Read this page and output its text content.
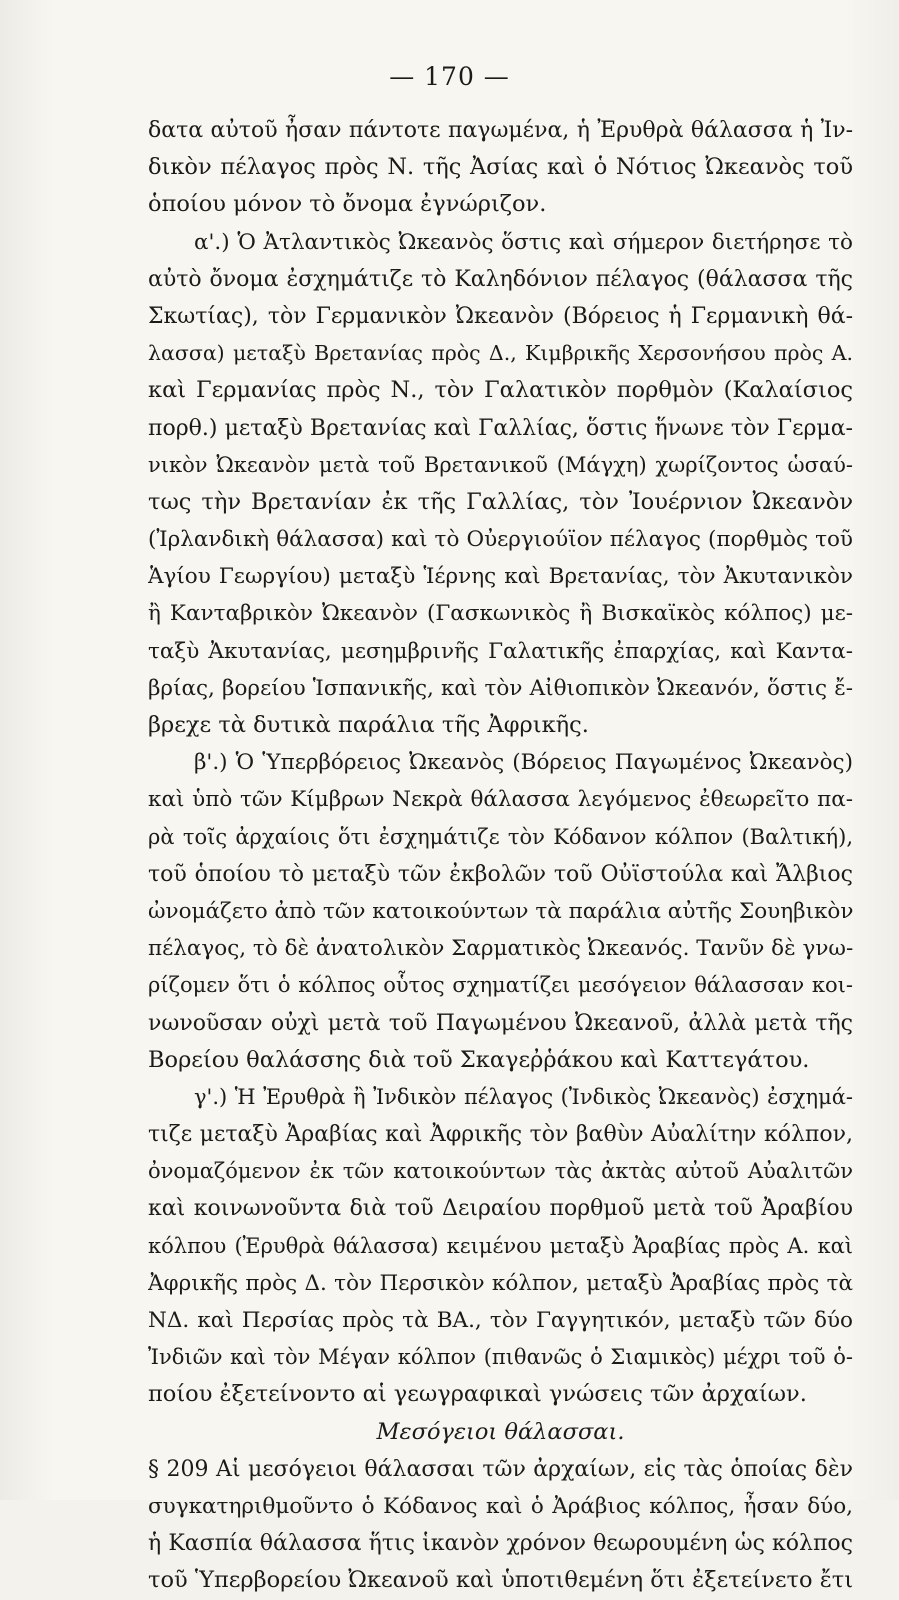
— 170 —
δατα αὐτοῦ ἦσαν πάντοτε παγωμένα, ἡ Ἐρυθρὰ θάλασσα ἡ Ἰν-
δικὸν πέλαγος πρὸς Ν. τῆς Ἀσίας καὶ ὁ Νότιος Ὠκεανὸς τοῦ
ὁποίου μόνον τὸ ὄνομα ἐγνώριζον.
α'.) Ὁ Ἀτλαντικὸς Ὠκεανὸς ὅστις καὶ σήμερον διετήρησε τὸ
αὐτὸ ὄνομα ἐσχημάτιζε τὸ Καληδόνιον πέλαγος (θάλασσα τῆς
Σκωτίας), τὸν Γερμανικὸν Ὠκεανὸν (Βόρειος ἡ Γερμανικὴ θά-
λασσα) μεταξὺ Βρετανίας πρὸς Δ., Κιμβρικῆς Χερσονήσου πρὸς Α.
καὶ Γερμανίας πρὸς Ν., τὸν Γαλατικὸν πορθμὸν (Καλαίσιος
πορθ.) μεταξὺ Βρετανίας καὶ Γαλλίας, ὅστις ἥνωνε τὸν Γερμα-
νικὸν Ὠκεανὸν μετὰ τοῦ Βρετανικοῦ (Μάγχη) χωρίζοντος ὡσαύ-
τως τὴν Βρετανίαν ἐκ τῆς Γαλλίας, τὸν Ἰουέρνιον Ὠκεανὸν
(Ἰρλανδικὴ θάλασσα) καὶ τὸ Οὐεργιούϊον πέλαγος (πορθμὸς τοῦ
Ἁγίου Γεωργίου) μεταξὺ Ἱέρνης καὶ Βρετανίας, τὸν Ἀκυτανικὸν
ἢ Κανταβρικὸν Ὠκεανὸν (Γασκωνικὸς ἢ Βισκαϊκὸς κόλπος) με-
ταξὺ Ἀκυτανίας, μεσημβρινῆς Γαλατικῆς ἐπαρχίας, καὶ Καντα-
βρίας, βορείου Ἱσπανικῆς, καὶ τὸν Αἰθιοπικὸν Ὠκεανόν, ὅστις ἔ-
βρεχε τὰ δυτικὰ παράλια τῆς Ἀφρικῆς.
β'.) Ὁ Ὑπερβόρειος Ὠκεανὸς (Βόρειος Παγωμένος Ὠκεανὸς)
καὶ ὑπὸ τῶν Κίμβρων Νεκρὰ θάλασσα λεγόμενος ἐθεωρεῖτο πα-
ρὰ τοῖς ἀρχαίοις ὅτι ἐσχημάτιζε τὸν Κόδανον κόλπον (Βαλτική),
τοῦ ὁποίου τὸ μεταξὺ τῶν ἐκβολῶν τοῦ Οὐϊστούλα καὶ Ἄλβιος
ὠνομάζετο ἀπὸ τῶν κατοικούντων τὰ παράλια αὐτῆς Σουηβικὸν
πέλαγος, τὸ δὲ ἀνατολικὸν Σαρματικὸς Ὠκεανός. Τανῦν δὲ γνω-
ρίζομεν ὅτι ὁ κόλπος οὗτος σχηματίζει μεσόγειον θάλασσαν κοι-
νωνοῦσαν οὐχὶ μετὰ τοῦ Παγωμένου Ὠκεανοῦ, ἀλλὰ μετὰ τῆς
Βορείου θαλάσσης διὰ τοῦ Σκαγεῤῥάκου καὶ Καττεγάτου.
γ'.) Ἡ Ἐρυθρὰ ἢ Ἰνδικὸν πέλαγος (Ἰνδικὸς Ὠκεανὸς) ἐσχημά-
τιζε μεταξὺ Ἀραβίας καὶ Ἀφρικῆς τὸν βαθὺν Αὐαλίτην κόλπον,
ὀνομαζόμενον ἐκ τῶν κατοικούντων τὰς ἀκτὰς αὐτοῦ Αὐαλιτῶν
καὶ κοινωνοῦντα διὰ τοῦ Δειραίου πορθμοῦ μετὰ τοῦ Ἀραβίου
κόλπου (Ἐρυθρὰ θάλασσα) κειμένου μεταξὺ Ἀραβίας πρὸς Α. καὶ
Ἀφρικῆς πρὸς Δ. τὸν Περσικὸν κόλπον, μεταξὺ Ἀραβίας πρὸς τὰ
ΝΔ. καὶ Περσίας πρὸς τὰ ΒΑ., τὸν Γαγγητικόν, μεταξὺ τῶν δύο
Ἰνδιῶν καὶ τὸν Μέγαν κόλπον (πιθανῶς ὁ Σιαμικὸς) μέχρι τοῦ ὁ-
ποίου ἐξετείνοντο αἱ γεωγραφικαὶ γνώσεις τῶν ἀρχαίων.
Μεσόγειοι θάλασσαι.
§ 209 Αἱ μεσόγειοι θάλασσαι τῶν ἀρχαίων, εἰς τὰς ὁποίας δὲν
συγκατηριθμοῦντο ὁ Κόδανος καὶ ὁ Ἀράβιος κόλπος, ἦσαν δύο,
ἡ Κασπία θάλασσα ἥτις ἱκανὸν χρόνον θεωρουμένη ὡς κόλπος
τοῦ Ὑπερβορείου Ὠκεανοῦ καὶ ὑποτιθεμένη ὅτι ἐξετείνετο ἔτι
